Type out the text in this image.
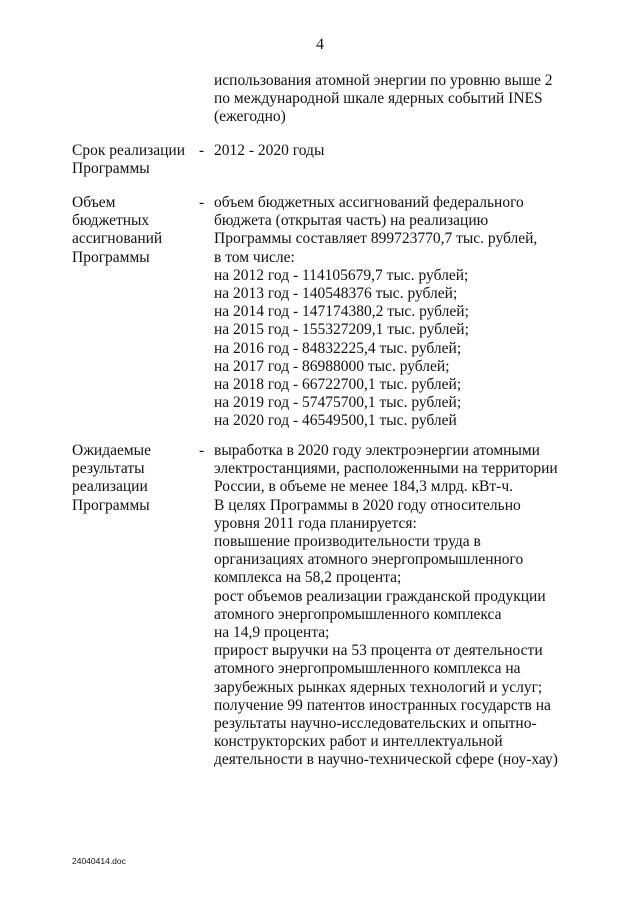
4
использования атомной энергии по уровню выше 2
по международной шкале ядерных событий INES
(ежегодно)
Срок реализации
Программы
- 2012 - 2020 годы
Объем
бюджетных
ассигнований
Программы
- объем бюджетных ассигнований федерального
бюджета (открытая часть) на реализацию
Программы составляет 899723770,7 тыс. рублей,
в том числе:
на 2012 год - 114105679,7 тыс. рублей;
на 2013 год - 140548376 тыс. рублей;
на 2014 год - 147174380,2 тыс. рублей;
на 2015 год - 155327209,1 тыс. рублей;
на 2016 год - 84832225,4 тыс. рублей;
на 2017 год - 86988000 тыс. рублей;
на 2018 год - 66722700,1 тыс. рублей;
на 2019 год - 57475700,1 тыс. рублей;
на 2020 год - 46549500,1 тыс. рублей
Ожидаемые
результаты
реализации
Программы
- выработка в 2020 году электроэнергии атомными
электростанциями, расположенными на территории
России, в объеме не менее 184,3 млрд. кВт-ч.
В целях Программы в 2020 году относительно
уровня 2011 года планируется:
повышение производительности труда в
организациях атомного энергопромышленного
комплекса на 58,2 процента;
рост объемов реализации гражданской продукции
атомного энергопромышленного комплекса
на 14,9 процента;
прирост выручки на 53 процента от деятельности
атомного энергопромышленного комплекса на
зарубежных рынках ядерных технологий и услуг;
получение 99 патентов иностранных государств на
результаты научно-исследовательских и опытно-
конструкторских работ и интеллектуальной
деятельности в научно-технической сфере (ноу-хау)
24040414.doc
